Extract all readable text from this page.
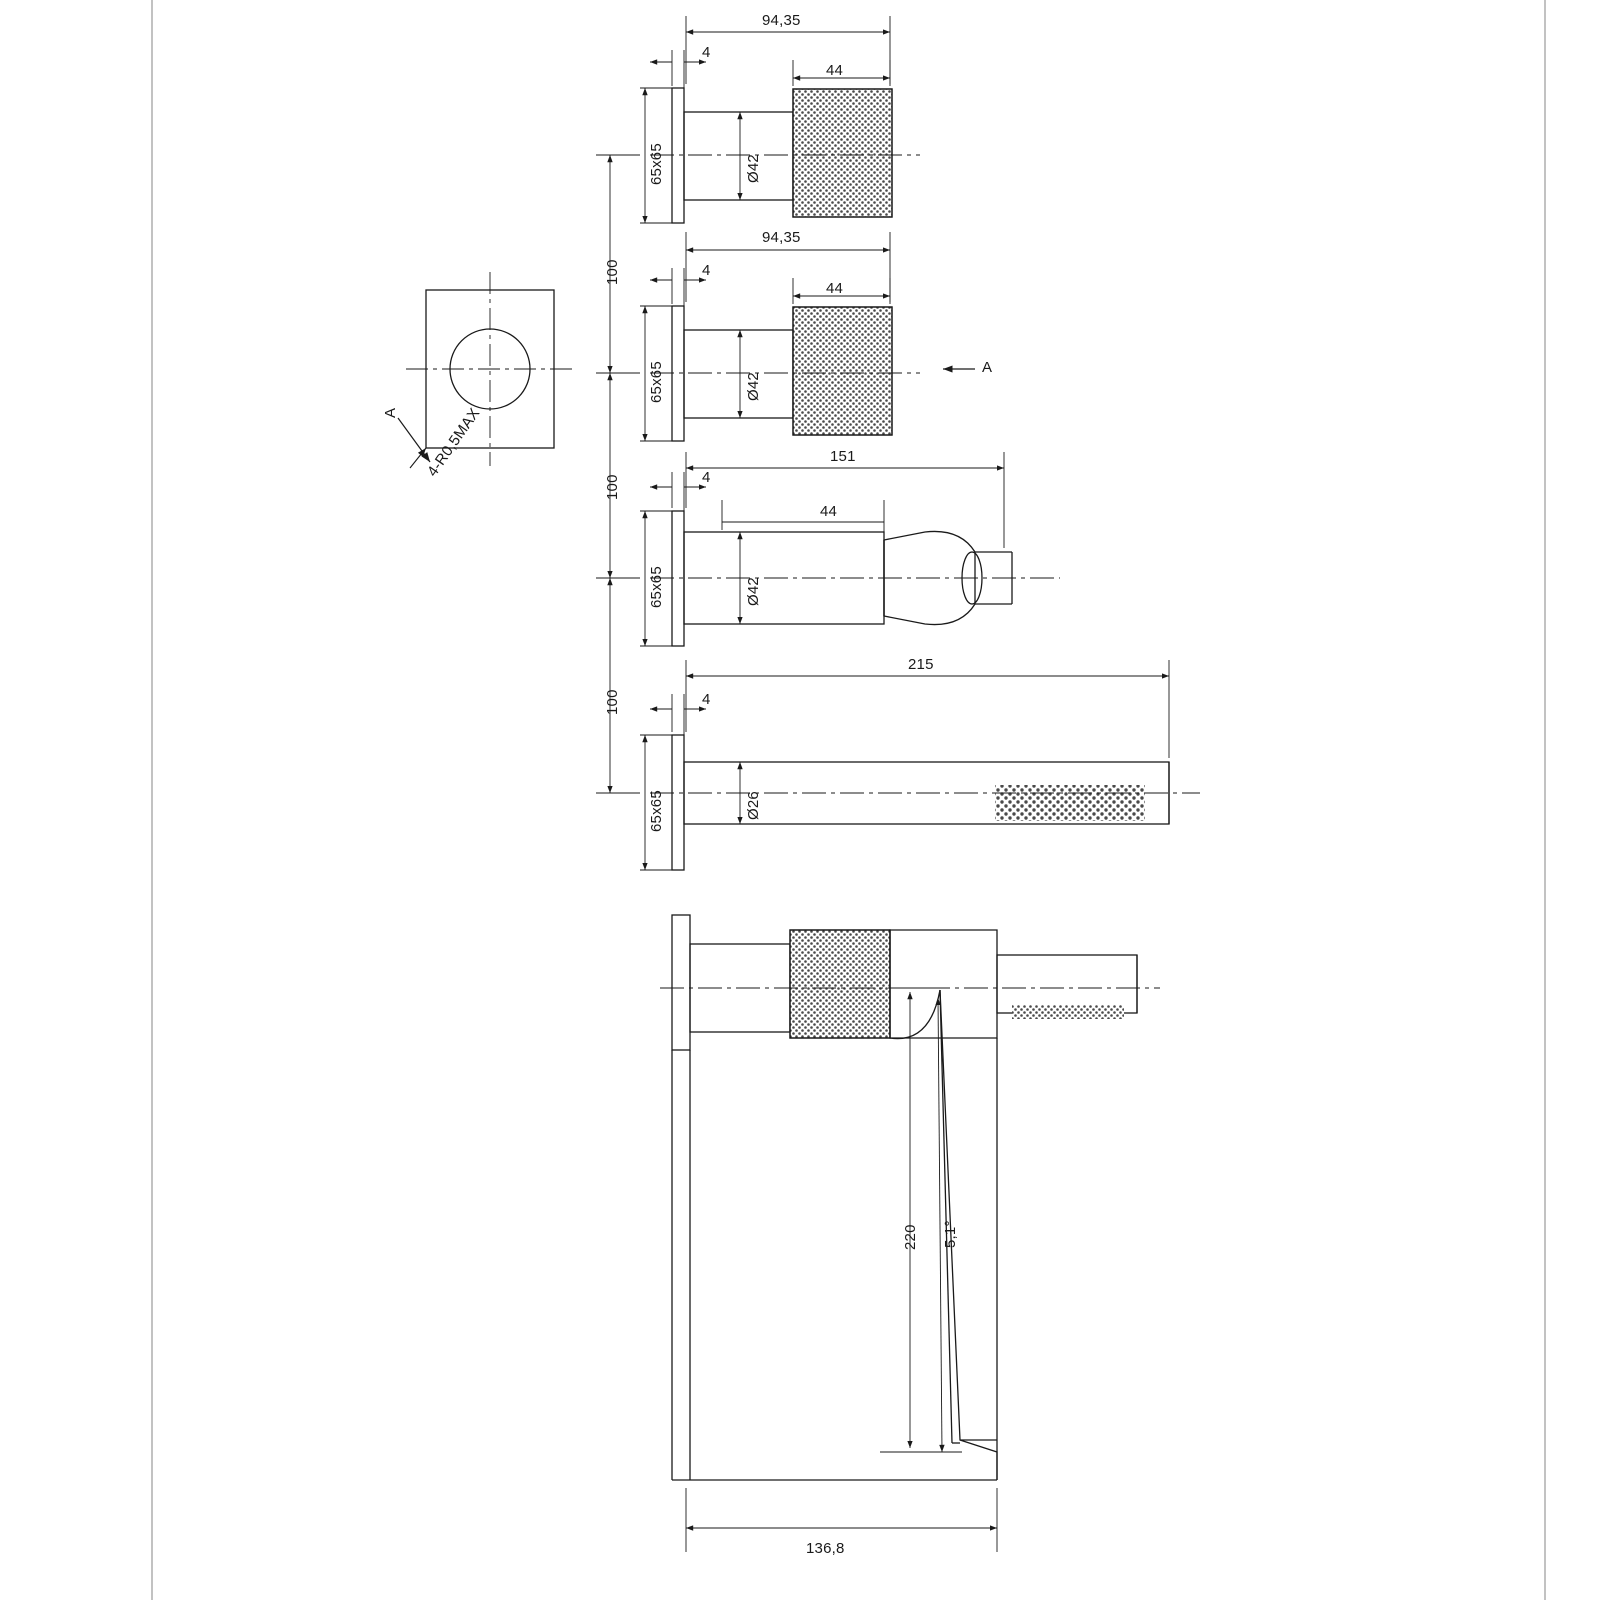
94,35
4
44
65x65	Ø42
94,35
4
44
65x65	Ø42
A
151
4
44
65x65	Ø42
215
4
65x65	Ø26
100
100
100
A 4-R0,5MAX
220 5,1°
136,8
